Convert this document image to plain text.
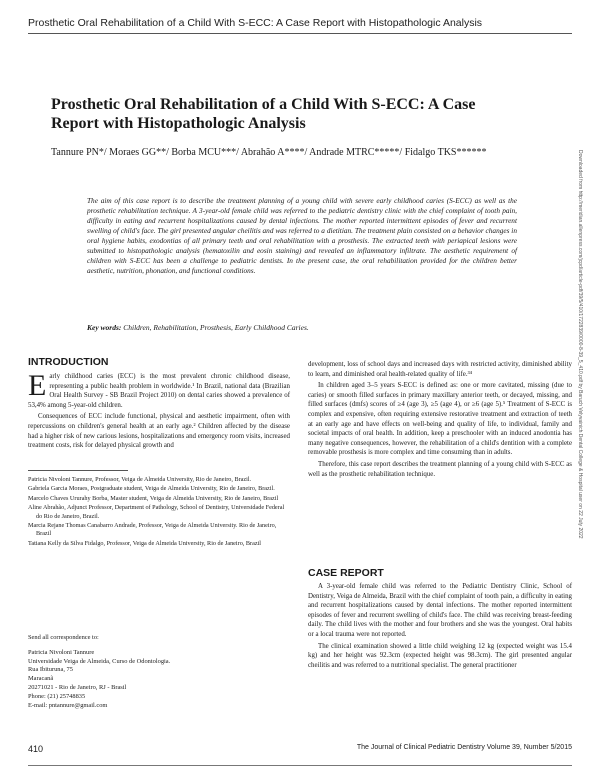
Prosthetic Oral Rehabilitation of a Child With S-ECC: A Case Report with Histopathologic Analysis
Downloaded from http://meridian.allenpress.com/jcpd/article-pdf/39/5/410/1722839/0000-8-39_5_410.pdf by Baruch Velyvainich Dental College & Hospital user on 22 July 2022
Prosthetic Oral Rehabilitation of a Child With S-ECC: A Case Report with Histopathologic Analysis
Tannure PN*/ Moraes GG**/ Borba MCU***/ Abrahão A****/ Andrade MTRC*****/ Fidalgo TKS******
The aim of this case report is to describe the treatment planning of a young child with severe early childhood caries (S-ECC) as well as the prosthetic rehabilitation technique. A 3-year-old female child was referred to the pediatric dentistry clinic with the chief complaint of tooth pain, difficulty in eating and recurrent hospitalizations caused by dental infections. The mother reported intermittent episodes of fever and recurrent swelling of child's face. The girl presented angular cheilitis and was referred to a dietitian. The treatment plain consisted on a behavior changes in oral hygiene habits, exodontias of all primary teeth and oral rehabilitation with a prosthesis. The extracted teeth with periapical lesions were submitted to histopathologic analysis (hematoxilin and eosin staining) and revealed an inflammatory infiltrate. The aesthetic requirement of children with S-ECC has been a challenge to pediatric dentists. In the present case, the oral rehabilitation provided for the children better aesthetic, nutrition, phonation, and functional conditions.
Key words: Children, Rehabilitation, Prosthesis, Early Childhood Caries.
INTRODUCTION

Early childhood caries (ECC) is the most prevalent chronic childhood disease, representing a public health problem in worldwide.¹ In Brazil, national data (Brazilian Oral Health Survey - SB Brazil Project 2010) on dental caries showed a prevalence of 53,4% among 5-year-old children.

Consequences of ECC include functional, physical and aesthetic impairment, often with repercussions on children's general health at an early age.² Children affected by the disease had a higher risk of new carious lesions, hospitalizations and emergency room visits, increased treatment costs, risk for delayed physical growth and

Patricia Nivoloni Tannure, Professor, Veiga de Almeida University, Rio de Janeiro, Brazil.
Gabriela Garcia Moraes, Postgraduate student, Veiga de Almeida University, Rio de Janeiro, Brazil.
Marcelo Chaves Ururahy Borba, Master student, Veiga de Almeida University, Rio de Janeiro, Brazil
Aline Abrahão, Adjunct Professor, Department of Pathology, School of Dentistry, Universidade Federal do Rio de Janeiro, Brazil.
Marcia Rejane Thomas Canabarro Andrade, Professor, Veiga de Almeida University. Rio de Janeiro, Brazil
Tatiana Kelly da Silva Fidalgo, Professor, Veiga de Almeida University, Rio de Janeiro, Brazil
Send all correspondence to:
Patricia Nivoloni Tannure
Universidade Veiga de Almeida, Curso de Odontologia.
Rua Ibituruna, 75
Maracanã
20271021 - Rio de Janeiro, RJ - Brasil
Phone: (21) 25748835
E-mail: pntannure@gmail.com

development, loss of school days and increased days with restricted activity, diminished ability to learn, and diminished oral health-related quality of life.³⁴

In children aged 3–5 years S-ECC is defined as: one or more cavitated, missing (due to caries) or smooth filled surfaces in primary maxillary anterior teeth, or decayed, missing, and filled surfaces (dmfs) scores of ≥4 (age 3), ≥5 (age 4), or ≥6 (age 5).⁵ Treatment of S-ECC is complex and expensive, often requiring extensive restorative treatment and extraction of teeth at an early age and have effects on well-being and quality of life, to individual, family and societal impacts of oral health. In addition, keep a preschooler with an induced anodontia has many negative consequences, however, the rehabilitation of a child's dentition with a complete removable prosthesis is more complex and time consuming than in adults.

Therefore, this case report describes the treatment planning of a young child with S-ECC as well as the prosthetic rehabilitation technique.

CASE REPORT

A 3-year-old female child was referred to the Pediatric Dentistry Clinic, School of Dentistry, Veiga de Almeida, Brazil with the chief complaint of tooth pain, a difficulty in eating and recurrent hospitalizations caused by dental infections. The mother reported intermittent episodes of fever and recurrent swelling of child's face. The child was receiving breast-feeding daily. The child lives with the mother and four brothers and she was the youngest. Oral habits or a local trauma were not reported.

The clinical examination showed a little child weighing 12 kg (expected weight was 15.4 kg) and her height was 92.3cm (expected height was 98.3cm). The girl presented angular cheilitis and was referred to a nutritional specialist. The general practitioner

410	The Journal of Clinical Pediatric Dentistry Volume 39, Number 5/2015
